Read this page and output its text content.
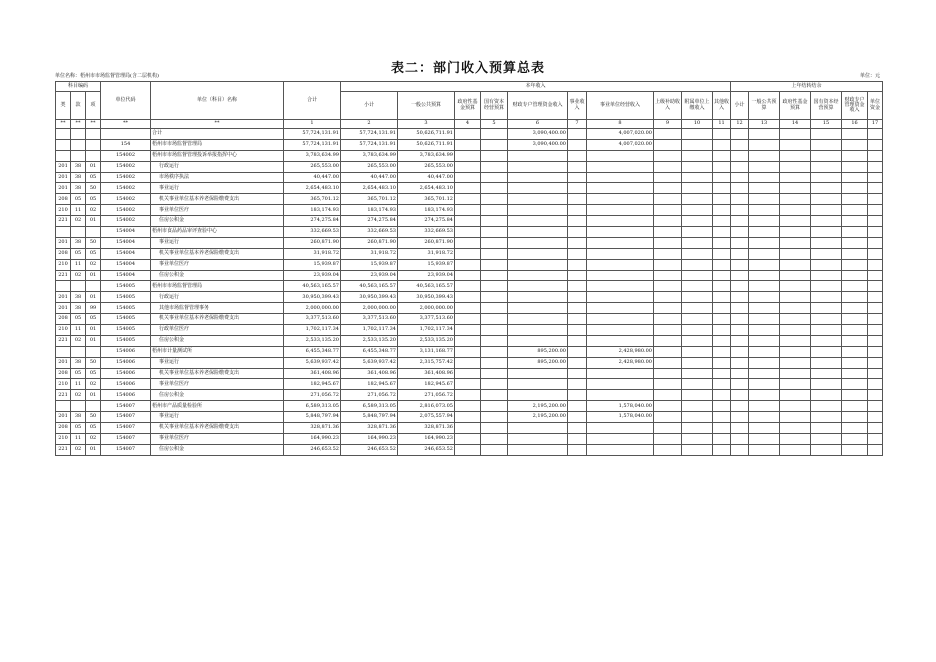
表二：部门收入预算总表
单位名称：梧州市市场监督管理局(含二层机构)	单位：元
科目编码			单位代码	单位（科目）名称	合计	本年收入										上年结转结余					
类	款	项				小计	一般公共预算	政府性基金预算	国有资本经营预算	财政专户管理资金收入	事业收入	事业单位经营收入	上级补助收入	附属单位上缴收入	其他收入	小计	一般公共预算	政府性基金预算	国有资本经营预算	财政专户管理资金收入	单位资金
**	**	**	**	**	1	2	3	4	5	6	7	8	9	10	11	12	13	14	15	16	17
				合计	57,724,131.91	57,724,131.91	50,626,711.91			3,090,400.00		4,007,020.00									
			154	梧州市市场监督管理局	57,724,131.91	57,724,131.91	50,626,711.91			3,090,400.00		4,007,020.00									
			154002	梧州市市场监督管理投诉举报指挥中心	3,783,634.99	3,783,634.99	3,783,634.99														
201	38	01	154002	行政运行	265,553.00	265,553.00	265,553.00														
201	38	05	154002	市场秩序执法	40,447.00	40,447.00	40,447.00														
201	38	50	154002	事业运行	2,654,483.10	2,654,483.10	2,654,483.10														
208	05	05	154002	机关事业单位基本养老保险缴费支出	365,701.12	365,701.12	365,701.12														
210	11	02	154002	事业单位医疗	183,174.93	183,174.93	183,174.93														
221	02	01	154002	住房公积金	274,275.84	274,275.84	274,275.84														
			154004	梧州市食品药品审评查验中心	332,669.53	332,669.53	332,669.53														
201	38	50	154004	事业运行	260,871.90	260,871.90	260,871.90														
208	05	05	154004	机关事业单位基本养老保险缴费支出	31,918.72	31,918.72	31,918.72														
210	11	02	154004	事业单位医疗	15,939.87	15,939.87	15,939.87														
221	02	01	154004	住房公积金	23,939.04	23,939.04	23,939.04														
			154005	梧州市市场监督管理局	40,563,165.57	40,563,165.57	40,563,165.57														
201	38	01	154005	行政运行	30,950,399.43	30,950,399.43	30,950,399.43														
201	38	99	154005	其他市场监督管理事务	2,000,000.00	2,000,000.00	2,000,000.00														
208	05	05	154005	机关事业单位基本养老保险缴费支出	3,377,513.60	3,377,513.60	3,377,513.60														
210	11	01	154005	行政单位医疗	1,702,117.34	1,702,117.34	1,702,117.34														
221	02	01	154005	住房公积金	2,533,135.20	2,533,135.20	2,533,135.20														
			154006	梧州市计量测试所	6,455,348.77	6,455,348.77	3,131,168.77			895,200.00		2,428,980.00									
201	38	50	154006	事业运行	5,639,937.42	5,639,937.42	2,315,757.42			895,200.00		2,428,980.00									
208	05	05	154006	机关事业单位基本养老保险缴费支出	361,408.96	361,408.96	361,408.96														
210	11	02	154006	事业单位医疗	182,945.67	182,945.67	182,945.67														
221	02	01	154006	住房公积金	271,056.72	271,056.72	271,056.72														
			154007	梧州市产品质量检验所	6,589,313.05	6,589,313.05	2,816,073.05			2,195,200.00		1,578,040.00									
201	38	50	154007	事业运行	5,848,797.94	5,848,797.94	2,075,557.94			2,195,200.00		1,578,040.00									
208	05	05	154007	机关事业单位基本养老保险缴费支出	328,871.36	328,871.36	328,871.36														
210	11	02	154007	事业单位医疗	164,990.23	164,990.23	164,990.23														
221	02	01	154007	住房公积金	246,653.52	246,653.52	246,653.52														
